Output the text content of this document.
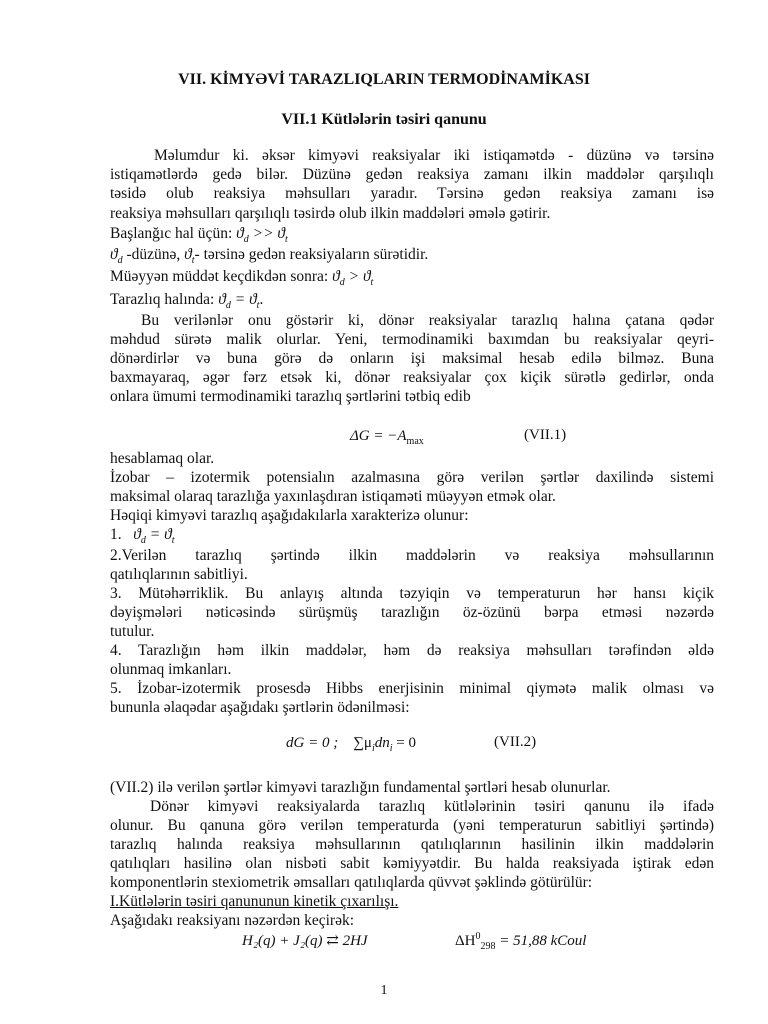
VII. KİMYƏVİ TARAZLIQLARIN TERMODİNAMİKASI
VII.1 Kütlələrin təsiri qanunu
Məlumdur ki. əksər kimyəvi reaksiyalar iki istiqamətdə - düzünə və tərsinə
istiqamətlərdə gedə bilər. Düzünə gedən reaksiya zamanı ilkin maddələr qarşılıqlı
təsidə olub reaksiya məhsulları yaradır. Tərsinə gedən reaksiya zamanı isə
reaksiya məhsulları qarşılıqlı təsirdə olub ilkin maddələri əmələ gətirir.
Başlanğıc hal üçün: $ϑ_d >> ϑ_t$
$ϑ_d$ -düzünə, $ϑ_t-$ tərsinə gedən reaksiyaların sürətidir.
Müəyyən müddət keçdikdən sonra: $ϑ_d > ϑ_t$
Tarazlıq halında: $ϑ_d = ϑ_t$.
Bu verilənlər onu göstərir ki, dönər reaksiyalar tarazlıq halına çatana qədər
məhdud sürətə malik olurlar. Yeni, termodinamiki baxımdan bu reaksiyalar qeyri-
dönərdirlər və buna görə də onların işi maksimal hesab edilə bilməz. Buna
baxmayaraq, əgər fərz etsək ki, dönər reaksiyalar çox kiçik sürətlə gedirlər, onda
onlara ümumi termodinamiki tarazlıq şərtlərini tətbiq edib
$\Delta G = -A_{max}$	(VII.1)
hesablamaq olar.
İzobar – izotermik potensialın azalmasına görə verilən şərtlər daxilində sistemi
maksimal olaraq tarazlığa yaxınlaşdıran istiqaməti müəyyən etmək olar.
Həqiqi kimyəvi tarazlıq aşağıdakılarla xarakterizə olunur:
1. $ϑ_d = ϑ_t$
2.Verilən tarazlıq şərtində ilkin maddələrin və reaksiya məhsullarının
qatılıqlarının sabitliyi.
3. Mütəhərriklik. Bu anlayış altında təzyiqin və temperaturun hər hansı kiçik
dəyişmələri nəticəsində sürüşmüş tarazlığın öz-özünü bərpa etməsi nəzərdə
tutulur.
4. Tarazlığın həm ilkin maddələr, həm də reaksiya məhsulları tərəfindən əldə
olunmaq imkanları.
5. İzobar-izotermik prosesdə Hibbs enerjisinin minimal qiymətə malik olması və
bununla əlaqədar aşağıdakı şərtlərin ödənilməsi:
dG = 0 ; $\sum\mu_idn_i = 0$	(VII.2)
(VII.2) ilə verilən şərtlər kimyəvi tarazlığın fundamental şərtləri hesab olunurlar.
Dönər kimyəvi reaksiyalarda tarazlıq kütlələrinin təsiri qanunu ilə ifadə
olunur. Bu qanuna görə verilən temperaturda (yəni temperaturun sabitliyi şərtində)
tarazlıq halında reaksiya məhsullarının qatılıqlarının hasilinin ilkin maddələrin
qatılıqları hasilinə olan nisbəti sabit kəmiyyətdir. Bu halda reaksiyada iştirak edən
komponentlərin stexiometrik əmsalları qatılıqlarda qüvvət şəklində götürülür:
I.Kütlələrin təsiri qanununun kinetik çıxarılışı.
Aşağıdakı reaksiyanı nəzərdən keçirək:
H₂(q) + J₂(q) ⇄ 2HJ	$\Delta H^0_{298} = 51,88$ kCoul
1
